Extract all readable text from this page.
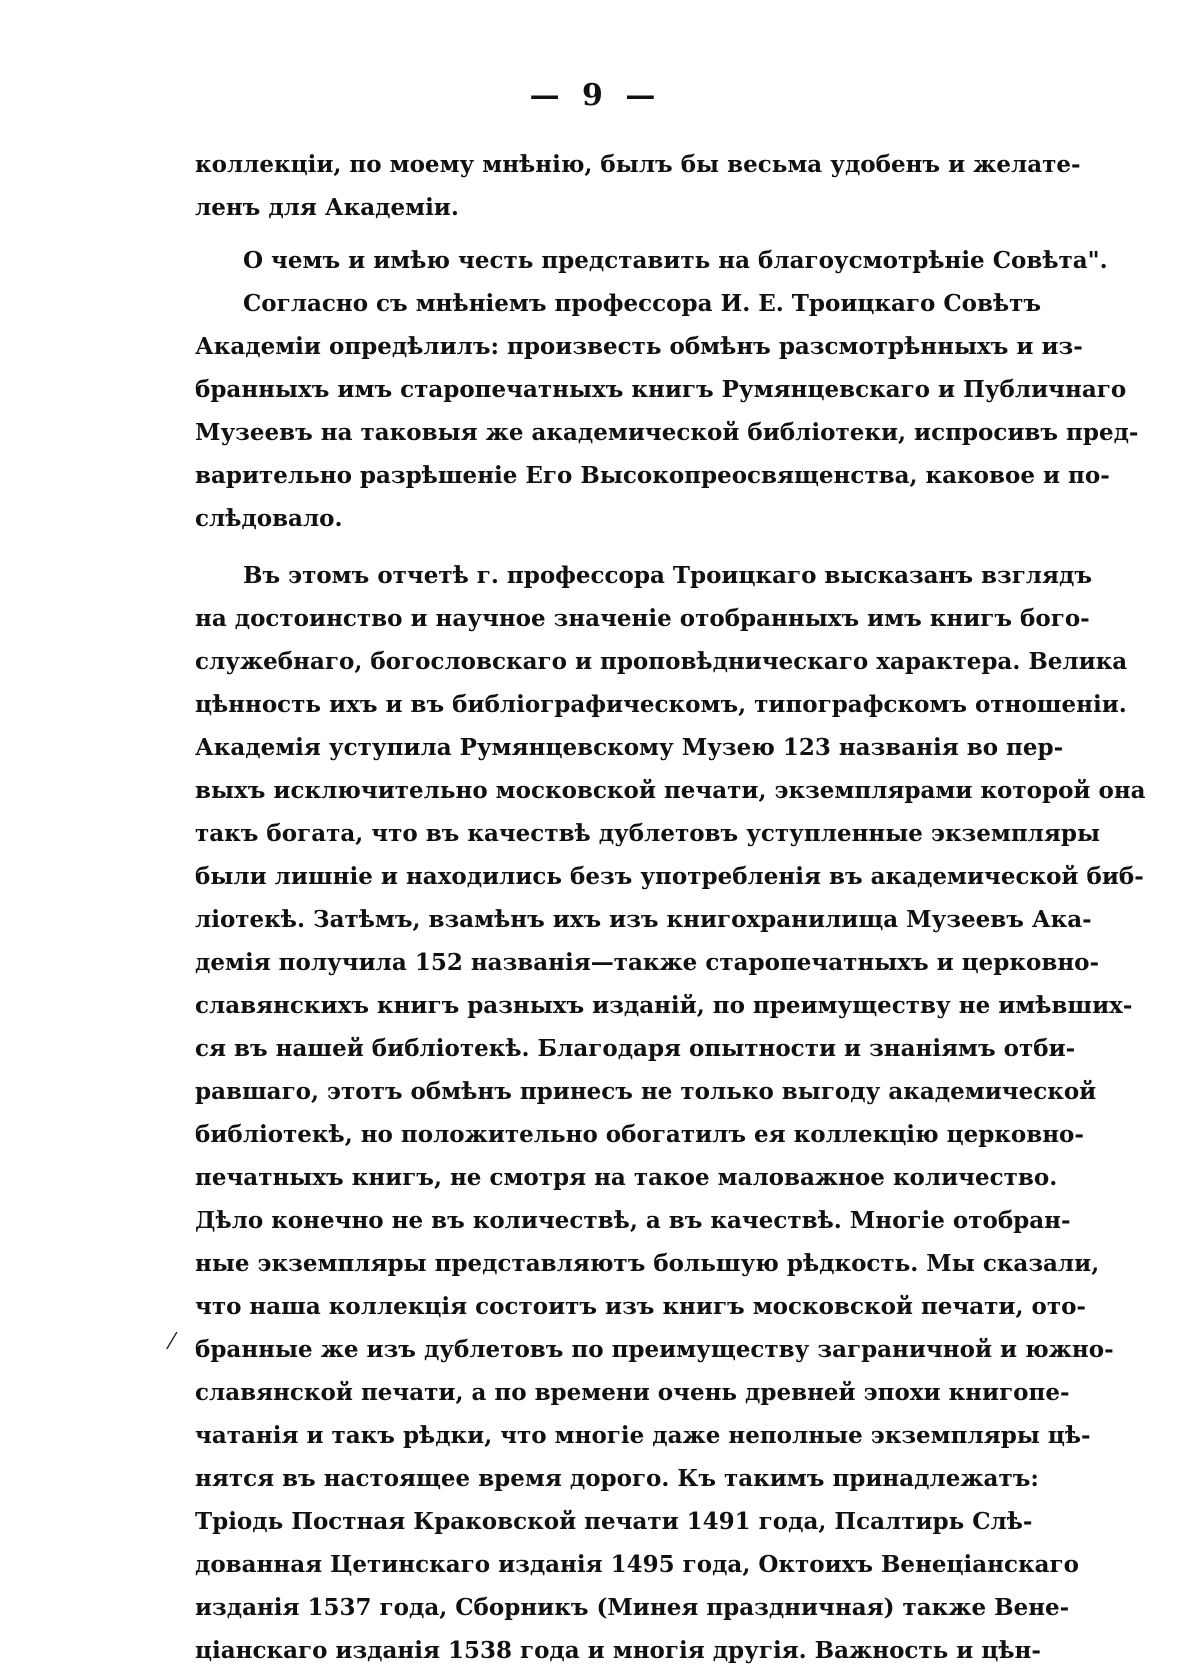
— 9 —
⁄
коллекціи, по моему мнѣнію, былъ бы весьма удобенъ и желате-
ленъ для Академіи.
О чемъ и имѣю честь представить на благоусмотрѣніе Совѣта".
Согласно съ мнѣніемъ профессора И. Е. Троицкаго Совѣтъ
Академіи опредѣлилъ: произвесть обмѣнъ разсмотрѣнныхъ и из-
бранныхъ имъ старопечатныхъ книгъ Румянцевскаго и Публичнаго
Музеевъ на таковыя же академической библіотеки, испросивъ пред-
варительно разрѣшеніе Его Высокопреосвященства, каковое и по-
слѣдовало.
Въ этомъ отчетѣ г. профессора Троицкаго высказанъ взглядъ
на достоинство и научное значеніе отобранныхъ имъ книгъ бого-
служебнаго, богословскаго и проповѣдническаго характера. Велика
цѣнность ихъ и въ библіографическомъ, типографскомъ отношеніи.
Академія уступила Румянцевскому Музею 123 названія во пер-
выхъ исключительно московской печати, экземплярами которой она
такъ богата, что въ качествѣ дублетовъ уступленные экземпляры
были лишніе и находились безъ употребленія въ академической биб-
ліотекѣ. Затѣмъ, взамѣнъ ихъ изъ книгохранилища Музеевъ Ака-
демія получила 152 названія—также старопечатныхъ и церковно-
славянскихъ книгъ разныхъ изданій, по преимуществу не имѣвших-
ся въ нашей библіотекѣ. Благодаря опытности и знаніямъ отби-
равшаго, этотъ обмѣнъ принесъ не только выгоду академической
библіотекѣ, но положительно обогатилъ ея коллекцію церковно-
печатныхъ книгъ, не смотря на такое маловажное количество.
Дѣло конечно не въ количествѣ, а въ качествѣ. Многіе отобран-
ные экземпляры представляютъ большую рѣдкость. Мы сказали,
что наша коллекція состоитъ изъ книгъ московской печати, ото-
бранные же изъ дублетовъ по преимуществу заграничной и южно-
славянской печати, а по времени очень древней эпохи книгопе-
чатанія и такъ рѣдки, что многіе даже неполные экземпляры цѣ-
нятся въ настоящее время дорого. Къ такимъ принадлежатъ:
Тріодь Постная Краковской печати 1491 года, Псалтирь Слѣ-
дованная Цетинскаго изданія 1495 года, Октоихъ Венеціанскаго
изданія 1537 года, Сборникъ (Минея праздничная) также Вене-
ціанскаго изданія 1538 года и многія другія. Важность и цѣн-
